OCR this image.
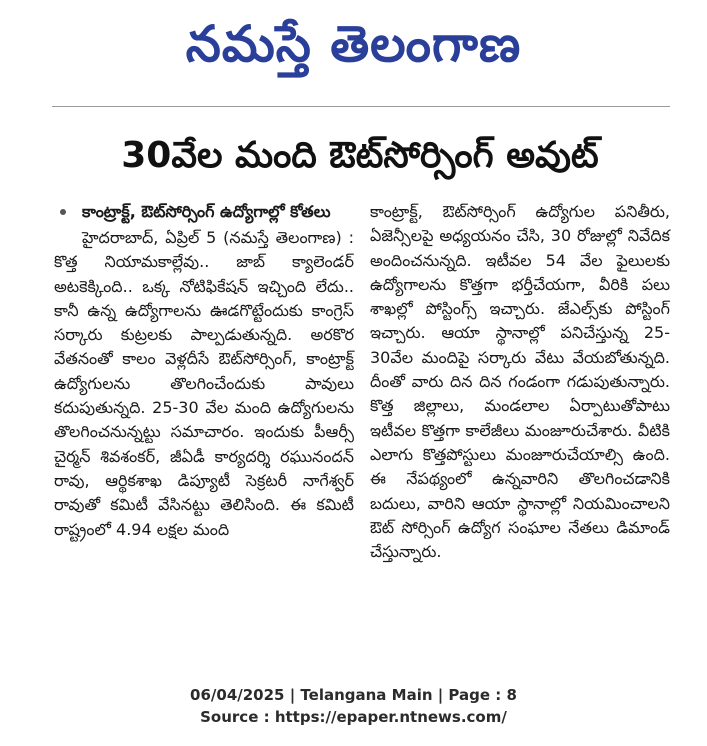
నమస్తే తెలంగాణ
30వేల మంది ఔట్‌సోర్సింగ్ అవుట్
కాంట్రాక్ట్, ఔట్‌సోర్సింగ్ ఉద్యోగాల్లో కోతలు

హైదరాబాద్, ఏప్రిల్ 5 (నమస్తే తెలంగాణ) : కొత్త నియామకాల్లేవు.. జాబ్ క్యాలెండర్ అటకెక్కింది.. ఒక్క నోటిఫికేషన్ ఇచ్చింది లేదు.. కానీ ఉన్న ఉద్యోగాలను ఊడగొట్టేందుకు కాంగ్రెస్ సర్కారు కుట్రలకు పాల్పడుతున్నది. అరకొర వేతనంతో కాలం వెళ్లదీసే ఔట్‌సోర్సింగ్, కాంట్రాక్ట్ ఉద్యోగులను తొలగించేందుకు పావులు కదుపుతున్నది. 25-30 వేల మంది ఉద్యోగులను తొలగించనున్నట్టు సమాచారం. ఇందుకు పీఆర్సీ చైర్మన్ శివశంకర్, జీఏడీ కార్యదర్శి రఘునందన్ రావు, ఆర్థికశాఖ డిప్యూటీ సెక్రటరీ నాగేశ్వర్ రావుతో కమిటీ వేసినట్టు తెలిసింది. ఈ కమిటీ రాష్ట్రంలో 4.94 లక్షల మంది

కాంట్రాక్ట్, ఔట్‌సోర్సింగ్ ఉద్యోగుల పనితీరు, ఏజెన్సీలపై అధ్యయనం చేసి, 30 రోజుల్లో నివేదిక అందించనున్నది. ఇటీవల 54 వేల ఫైలులకు ఉద్యోగాలను కొత్తగా భర్తీచేయగా, వీరికి పలు శాఖల్లో పోస్టింగ్స్ ఇచ్చారు. జేఎల్స్‌కు పోస్టింగ్ ఇచ్చారు. ఆయా స్థానాల్లో పనిచేస్తున్న 25-30వేల మందిపై సర్కారు వేటు వేయబోతున్నది. దీంతో వారు దిన దిన గండంగా గడుపుతున్నారు. కొత్త జిల్లాలు, మండలాల ఏర్పాటుతోపాటు ఇటీవల కొత్తగా కాలేజీలు మంజూరుచేశారు. వీటికి ఎలాగు కొత్తపోస్టులు మంజూరుచేయాల్సి ఉంది. ఈ నేపథ్యంలో ఉన్నవారిని తొలగించడానికి బదులు, వారిని ఆయా స్థానాల్లో నియమించాలని ఔట్ సోర్సింగ్ ఉద్యోగ సంఘాల నేతలు డిమాండ్ చేస్తున్నారు.

06/04/2025 | Telangana Main | Page : 8
Source : https://epaper.ntnews.com/
